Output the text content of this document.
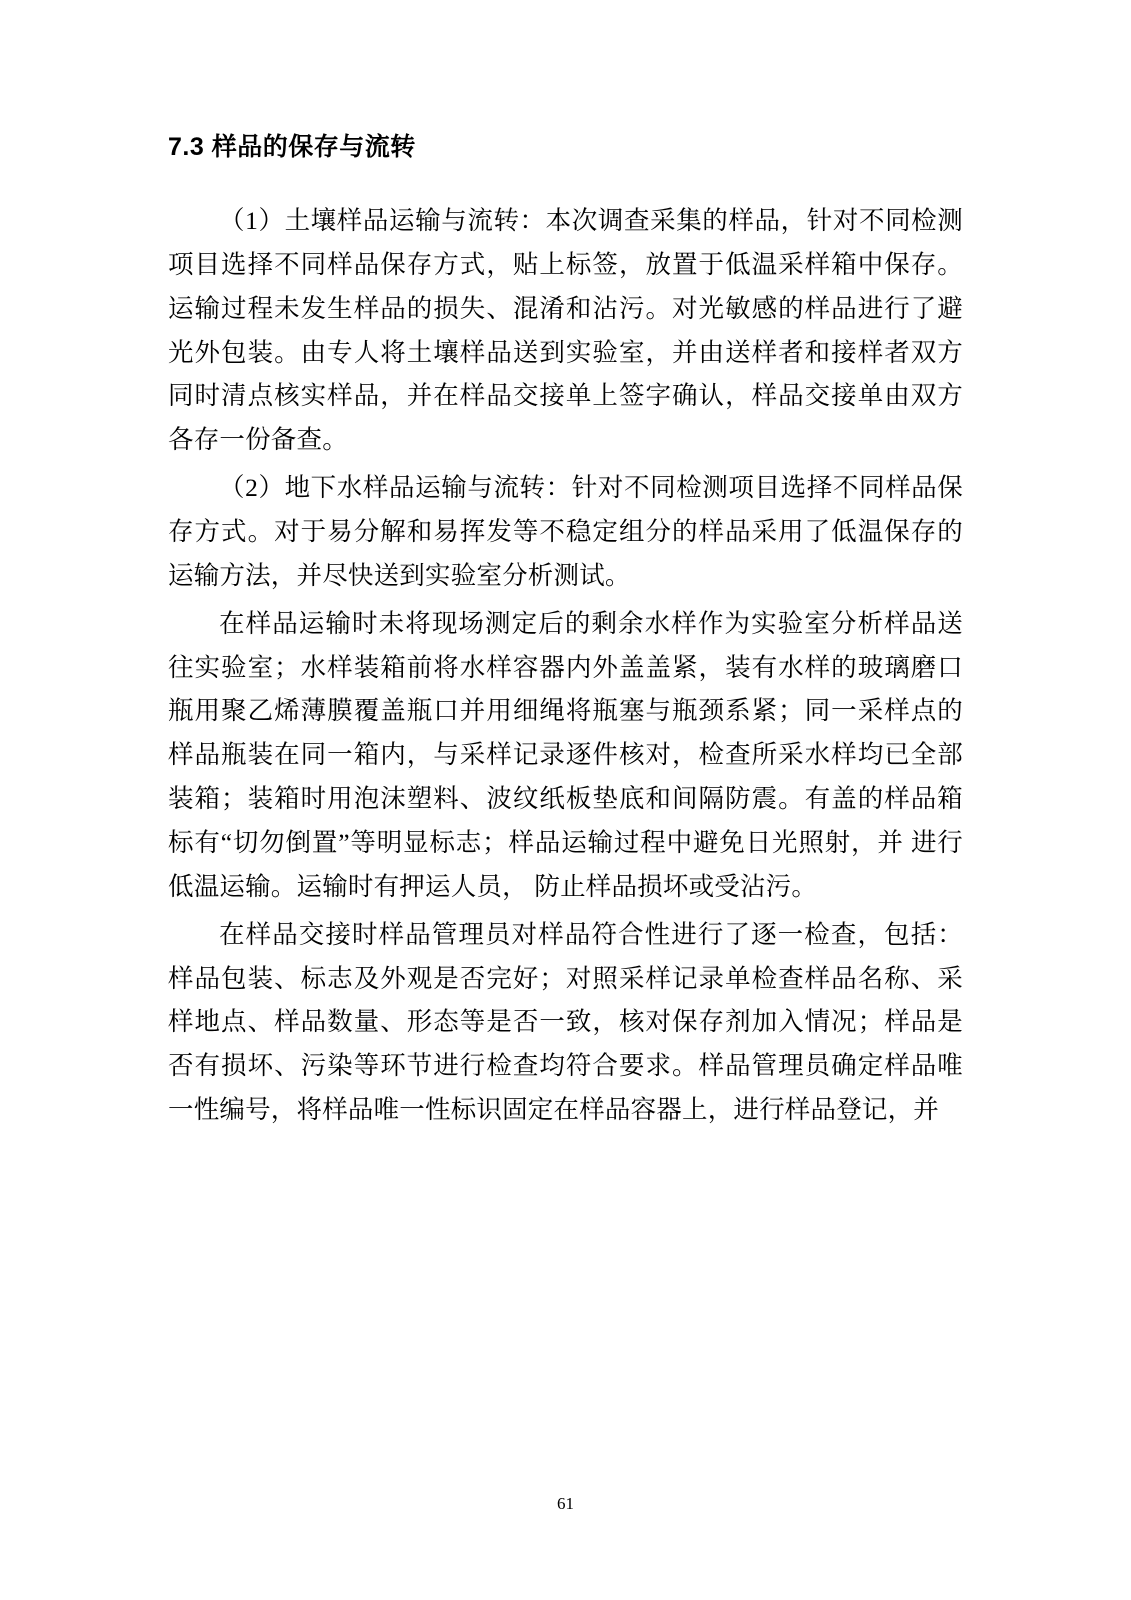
7.3 样品的保存与流转

（1）土壤样品运输与流转：本次调查采集的样品，针对不同检测项目选择不同样品保存方式，贴上标签，放置于低温采样箱中保存。 运输过程未发生样品的损失、混淆和沾污。对光敏感的样品进行了避 光外包装。由专人将土壤样品送到实验室，并由送样者和接样者双方 同时清点核实样品，并在样品交接单上签字确认，样品交接单由双方 各存一份备查。

（2）地下水样品运输与流转：针对不同检测项目选择不同样品保存方式。对于易分解和易挥发等不稳定组分的样品采用了低温保存的运输方法，并尽快送到实验室分析测试。

在样品运输时未将现场测定后的剩余水样作为实验室分析样品送往实验室；水样装箱前将水样容器内外盖盖紧，装有水样的玻璃磨口瓶用聚乙烯薄膜覆盖瓶口并用细绳将瓶塞与瓶颈系紧；同一采样点的样品瓶装在同一箱内，与采样记录逐件核对，检查所采水样均已全部装箱；装箱时用泡沫塑料、波纹纸板垫底和间隔防震。有盖的样品箱标有“切勿倒置”等明显标志；样品运输过程中避免日光照射，并 进行低温运输。运输时有押运人员， 防止样品损坏或受沾污。

在样品交接时样品管理员对样品符合性进行了逐一检查，包括：样品包装、标志及外观是否完好；对照采样记录单检查样品名称、采样地点、样品数量、形态等是否一致，核对保存剂加入情况；样品是否有损坏、污染等环节进行检查均符合要求。样品管理员确定样品唯一性编号，将样品唯一性标识固定在样品容器上，进行样品登记，并

61
